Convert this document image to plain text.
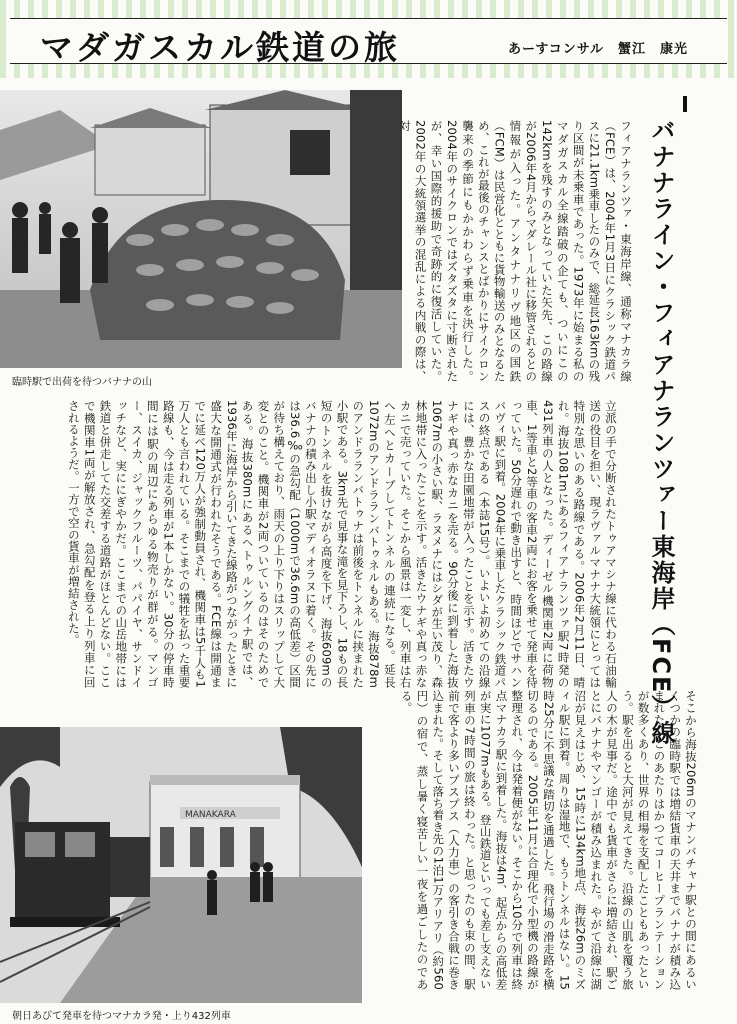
マダガスカル鉄道の旅	あーすコンサル　蟹江　康光
臨時駅で出荷を待つバナナの山
MANAKARA
朝日あびて発車を待つマナカラ発・上り432列車
バナナライン・フィアナランツァー東海岸（FCE）線
フィアナランツァ・東海岸線、通称マナカラ線（FCE）は、2004年1月3日にクラシック鉄道パスに21.1km乗車したのみで、総延長163kmの残り区間が未乗車であった。1973年に始まる私のマダガスカル全線踏破の企ても、ついにこの142kmを残すのみとなっていた矢先、この路線が2006年4月からマダレール社に移管されるとの情報が入った。アンタナナリヴ地区の国鉄（FCM）は民営化とともに貨物輸送のみとなるため、これが最後のチャンスとばかりにサイクロン襲来の季節にもかかわらず乗車を決行した。2004年のサイクロンではズタズタに寸断されたが、幸い国際的援助で奇跡的に復活していた。2002年の大統領選挙の混乱による内戦の際は、対
立派の手で分断されたトゥアマシナ線に代わる石油輸送の役目を担い、現ラヴァルマナナ大統領にとっては特別な思いのある路線である。2006年2月11日、晴れ。海抜1081mにあるフィアナランツァ駅7時発の431列車の人となった。ディーゼル機関車2両に荷物車、1等車と2等車の客車2両にお客を乗せて発車を待っていた。50分遅れで動き出すと、時間ほどでサハンバヴィ駅に到着。2004年に乗車したクラシック鉄道パスの終点である（本誌15号）。いよいよ初めての沿線には、豊かな田園地帯が入ったことを示す。活きたウナギや真っ赤なカニを売る。90分後に到着した海抜1067mの小さい駅、ラヌメナにはシダが生い茂り、森林地帯に入ったことを示す。活きたウナギや真っ赤なカニで売っていた。そこから風景は一変し、列車は右へ左へとカーブしてトンネルの連続になる。延長1072mのアンドラランバトゥネルもある。海抜878mのアンドラランバトゥナは前後をトンネルに挟まれた小駅である。3km先で見事な滝を見下ろし、18もの長短のトンネルを抜けながら高度を下げ、海抜609mのバナナの積み出し小駅マディオラヌに着く。その先には36.6‰の急勾配（1000mで36.6mの高低差）区間が待ち構えており、雨天の上り下りはスリップして大変とのこと。機関車が2両ついているのはそのためである。海抜380mにあるヘトゥルングイナ駅では、1936年に海岸から引いてきた線路がつながったときに盛大な開通式が行われたそうである。FCE線は開通までに延べ120万人が強制動員され、機関車は5千人も1万人とも言われている。そこまでの犠牲を払った重要路線も、今は走る列車が1本しかない。30分の停車時間には駅の周辺にあらゆる物売りが群がる。マンゴー、スイカ、ジャックフルーツ、パパイヤ、サンドイッチなど、実ににぎやかだ。ここまでの山岳地帯には鉄道と併走してた交差する道路がほとんどない。ここで機関車1両が解放され、急勾配を登る上り列車に回されるようだ。一方で空の貨車が増結された。
そこから海抜206mのマナンバチャナ駅との間にあるいくつかの臨時駅では増結貨車の天井までバナナが積み込まれた。このあたりはかつてコーヒープランテーションが数多くあり、世界の相場を支配したこともあったという。駅を出ると大河が見えてきた。沿線の山肌を覆う旅人の木が見事だ。途中でも貨車がさらに増結され、駅ごとにバナナやマンゴーが積み込まれた。やがて沿線に湖沼が見えはじめ、15時に134km地点、海抜26mのミズィル駅に到着。周りは湿地で、もうトンネルはない。15時25分に不思議な踏切を通過した。飛行場の滑走路を横切るのである。2005年11月に合理化で小型機の路線が整理され、今は発着便がない。そこから10分で列車は終点マナカラ駅に到着した。海抜は4m、起点からの高低差が実に1077mもある。登山鉄道といっても差し支えない列車の7時間の旅は終わった。と思ったのも束の間、駅前で客より多いプスプス（人力車）の客引き合戦に巻き込まれた。そして落ち着き先の1泊1万アリアリ（約560円）の宿で、蒸し暑く寝苦しい一夜を過ごしたのである。
